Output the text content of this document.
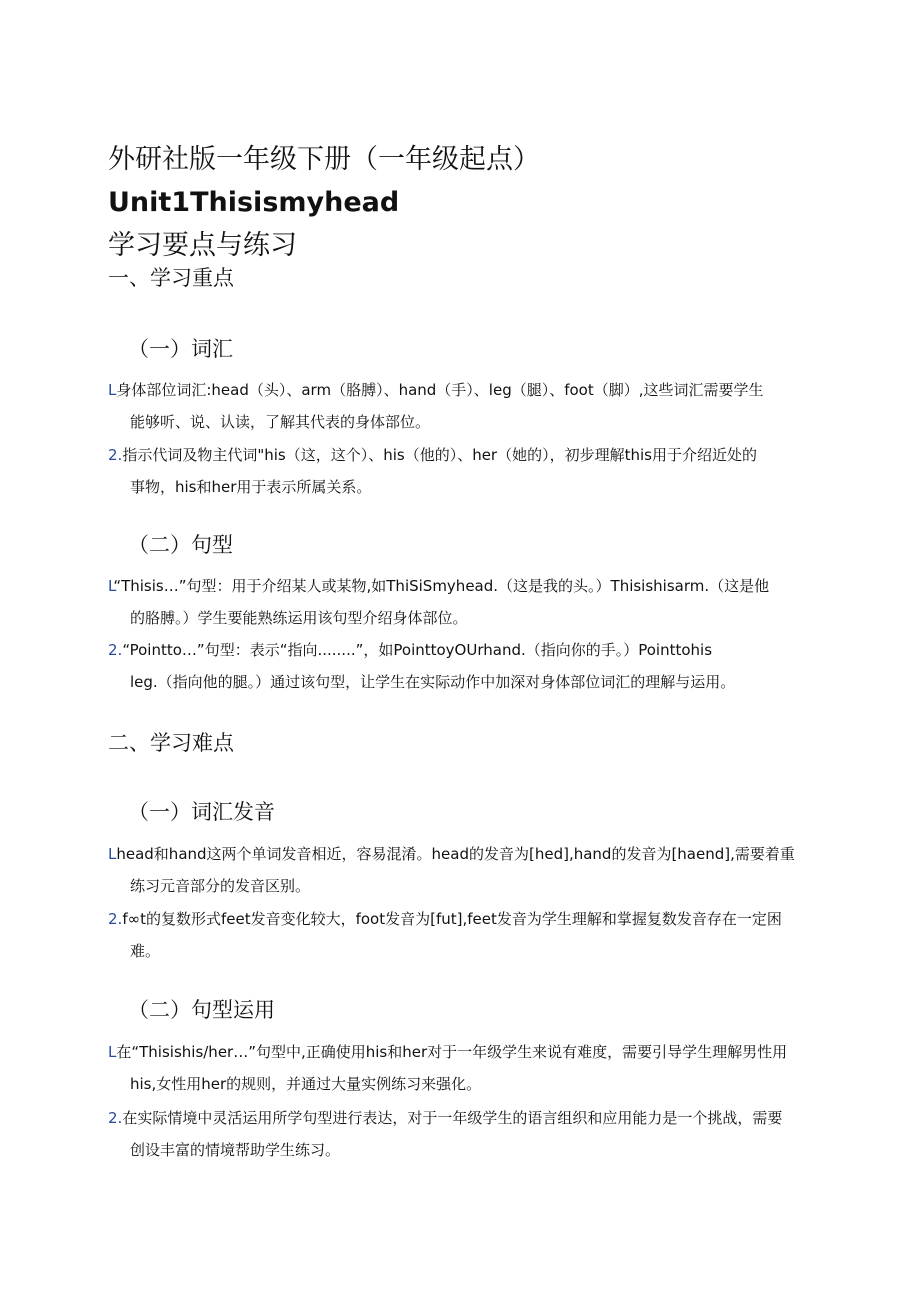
外研社版一年级下册（一年级起点）Unit1Thisismyhead
学习要点与练习
一、学习重点
（一）词汇

L身体部位词汇:head（头）、arm（胳膊）、hand（手）、leg（腿）、foot（脚）,这些词汇需要学生
能够听、说、认读，了解其代表的身体部位。

2.指示代词及物主代词"his（这，这个）、his（他的）、her（她的），初步理解this用于介绍近处的
事物，his和her用于表示所属关系。

（二）句型

L“Thisis…”句型：用于介绍某人或某物,如ThiSiSmyhead.（这是我的头。）Thisishisarm.（这是他
的胳膊。）学生要能熟练运用该句型介绍身体部位。

2.“Pointto…”句型：表示“指向........”，如PointtoyOUrhand.（指向你的手。）Pointtohis
leg.（指向他的腿。）通过该句型，让学生在实际动作中加深对身体部位词汇的理解与运用。

二、学习难点
（一）词汇发音

Lhead和hand这两个单词发音相近，容易混淆。head的发音为[hed],hand的发音为[haend],需要着重
练习元音部分的发音区别。

2.f∞t的复数形式feet发音变化较大，foot发音为[fut],feet发音为学生理解和掌握复数发音存在一定困
难。

（二）句型运用

L在“Thisishis/her…”句型中,正确使用his和her对于一年级学生来说有难度，需要引导学生理解男性用
his,女性用her的规则，并通过大量实例练习来强化。

2.在实际情境中灵活运用所学句型进行表达，对于一年级学生的语言组织和应用能力是一个挑战，需要
创设丰富的情境帮助学生练习。
